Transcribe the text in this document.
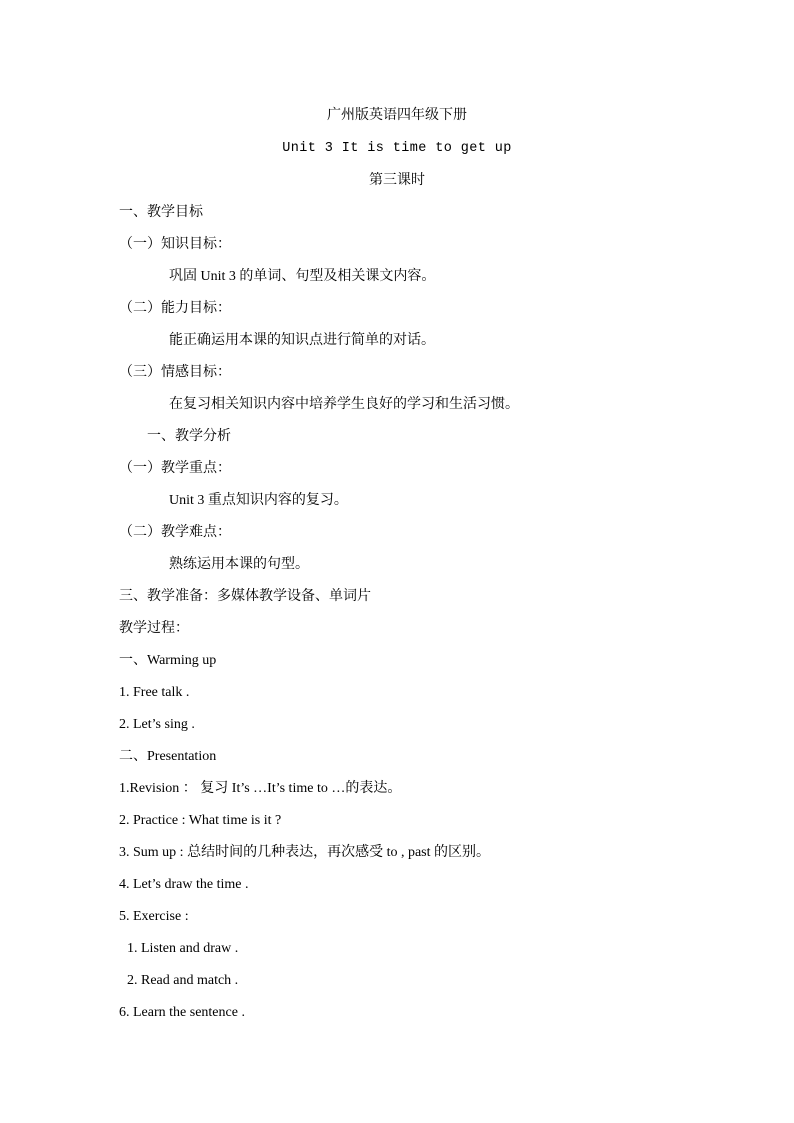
广州版英语四年级下册
Unit 3 It is time to get up
第三课时
一、教学目标
（一）知识目标：
巩固 Unit 3 的单词、句型及相关课文内容。
（二）能力目标：
能正确运用本课的知识点进行简单的对话。
（三）情感目标：
在复习相关知识内容中培养学生良好的学习和生活习惯。
一、教学分析
（一）教学重点：
Unit 3 重点知识内容的复习。
（二）教学难点：
熟练运用本课的句型。
三、教学准备：多媒体教学设备、单词片
教学过程：
一、Warming up
1. Free talk .
2. Let’s sing .
二、Presentation
1.Revision ： 复习 It’s …It’s time to …的表达。
2. Practice : What time is it ?
3. Sum up : 总结时间的几种表达，再次感受 to , past 的区别。
4. Let’s draw the time .
5. Exercise :
1. Listen and draw .
2. Read and match .
6. Learn the sentence .
